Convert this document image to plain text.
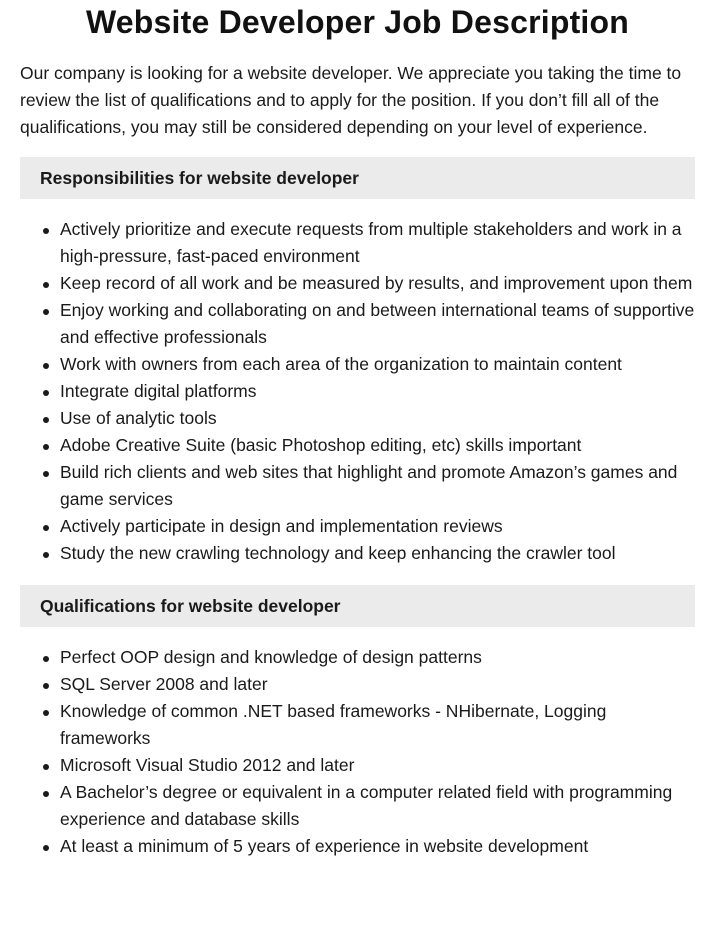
Website Developer Job Description

Our company is looking for a website developer. We appreciate you taking the time to review the list of qualifications and to apply for the position. If you don’t fill all of the qualifications, you may still be considered depending on your level of experience.

Responsibilities for website developer
Actively prioritize and execute requests from multiple stakeholders and work in a high-pressure, fast-paced environment
Keep record of all work and be measured by results, and improvement upon them
Enjoy working and collaborating on and between international teams of supportive and effective professionals
Work with owners from each area of the organization to maintain content
Integrate digital platforms
Use of analytic tools
Adobe Creative Suite (basic Photoshop editing, etc) skills important
Build rich clients and web sites that highlight and promote Amazon’s games and game services
Actively participate in design and implementation reviews
Study the new crawling technology and keep enhancing the crawler tool
Qualifications for website developer
Perfect OOP design and knowledge of design patterns
SQL Server 2008 and later
Knowledge of common .NET based frameworks - NHibernate, Logging frameworks
Microsoft Visual Studio 2012 and later
A Bachelor’s degree or equivalent in a computer related field with programming experience and database skills
At least a minimum of 5 years of experience in website development
